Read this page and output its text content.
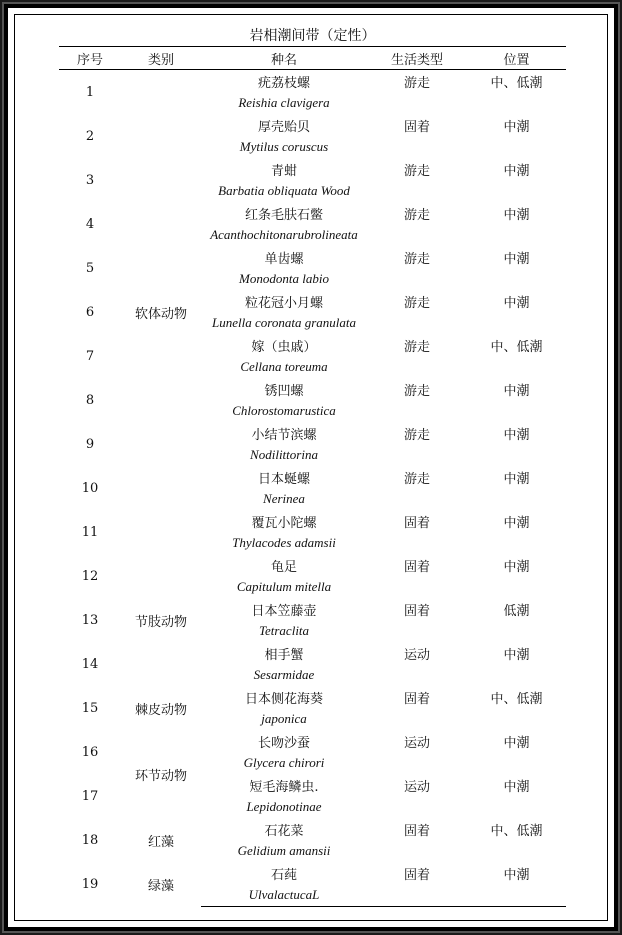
岩相潮间带（定性）				
序号	类别	种名	生活类型	位置
1	软体动物	疣荔枝螺	游走	中、低潮
		Reishia clavigera		
2		厚壳贻贝	固着	中潮
		Mytilus coruscus		
3		青蚶	游走	中潮
		Barbatia obliquata Wood		
4		红条毛肤石鳖	游走	中潮
		Acanthochitonarubrolineata		
5		单齿螺	游走	中潮
		Monodonta labio		
6		粒花冠小月螺	游走	中潮
		Lunella coronata granulata		
7		嫁（虫戚）	游走	中、低潮
		Cellana toreuma		
8		锈凹螺	游走	中潮
		Chlorostomarustica		
9		小结节滨螺	游走	中潮
		Nodilittorina		
10		日本蜒螺	游走	中潮
		Nerinea		
11		覆瓦小陀螺	固着	中潮
		Thylacodes adamsii		
12	节肢动物	龟足	固着	中潮
		Capitulum mitella		
13		日本笠藤壶	固着	低潮
		Tetraclita		
14		相手蟹	运动	中潮
		Sesarmidae		
15	棘皮动物	日本侧花海葵	固着	中、低潮
		japonica		
16	环节动物	长吻沙蚕	运动	中潮
		Glycera chirori		
17		短毛海鳞虫.	运动	中潮
		Lepidonotinae		
18	红藻	石花菜	固着	中、低潮
		Gelidium amansii		
19	绿藻	石莼	固着	中潮
		UlvalactucaL		
